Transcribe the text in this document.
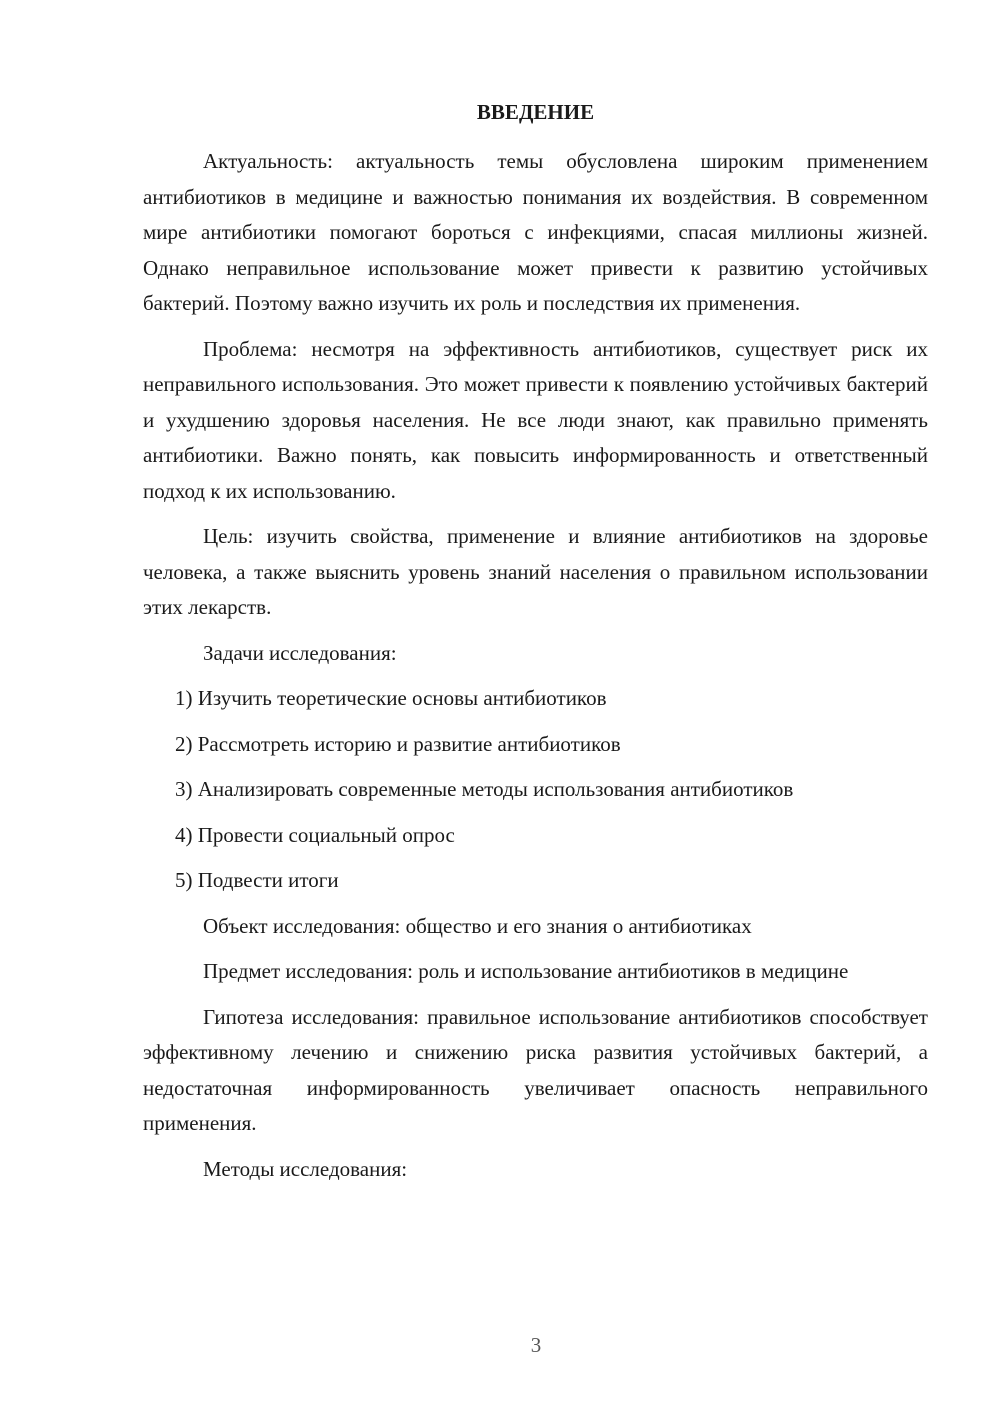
ВВЕДЕНИЕ

Актуальность: актуальность темы обусловлена широким применением антибиотиков в медицине и важностью понимания их воздействия. В современном мире антибиотики помогают бороться с инфекциями, спасая миллионы жизней. Однако неправильное использование может привести к развитию устойчивых бактерий. Поэтому важно изучить их роль и последствия их применения.

Проблема: несмотря на эффективность антибиотиков, существует риск их неправильного использования. Это может привести к появлению устойчивых бактерий и ухудшению здоровья населения. Не все люди знают, как правильно применять антибиотики. Важно понять, как повысить информированность и ответственный подход к их использованию.

Цель: изучить свойства, применение и влияние антибиотиков на здоровье человека, а также выяснить уровень знаний населения о правильном использовании этих лекарств.

Задачи исследования:

1) Изучить теоретические основы антибиотиков
2) Рассмотреть историю и развитие антибиотиков
3) Анализировать современные методы использования антибиотиков
4) Провести социальный опрос
5) Подвести итоги

Объект исследования: общество и его знания о антибиотиках

Предмет исследования: роль и использование антибиотиков в медицине

Гипотеза исследования: правильное использование антибиотиков способствует эффективному лечению и снижению риска развития устойчивых бактерий, а недостаточная информированность увеличивает опасность неправильного применения.

Методы исследования:

3
